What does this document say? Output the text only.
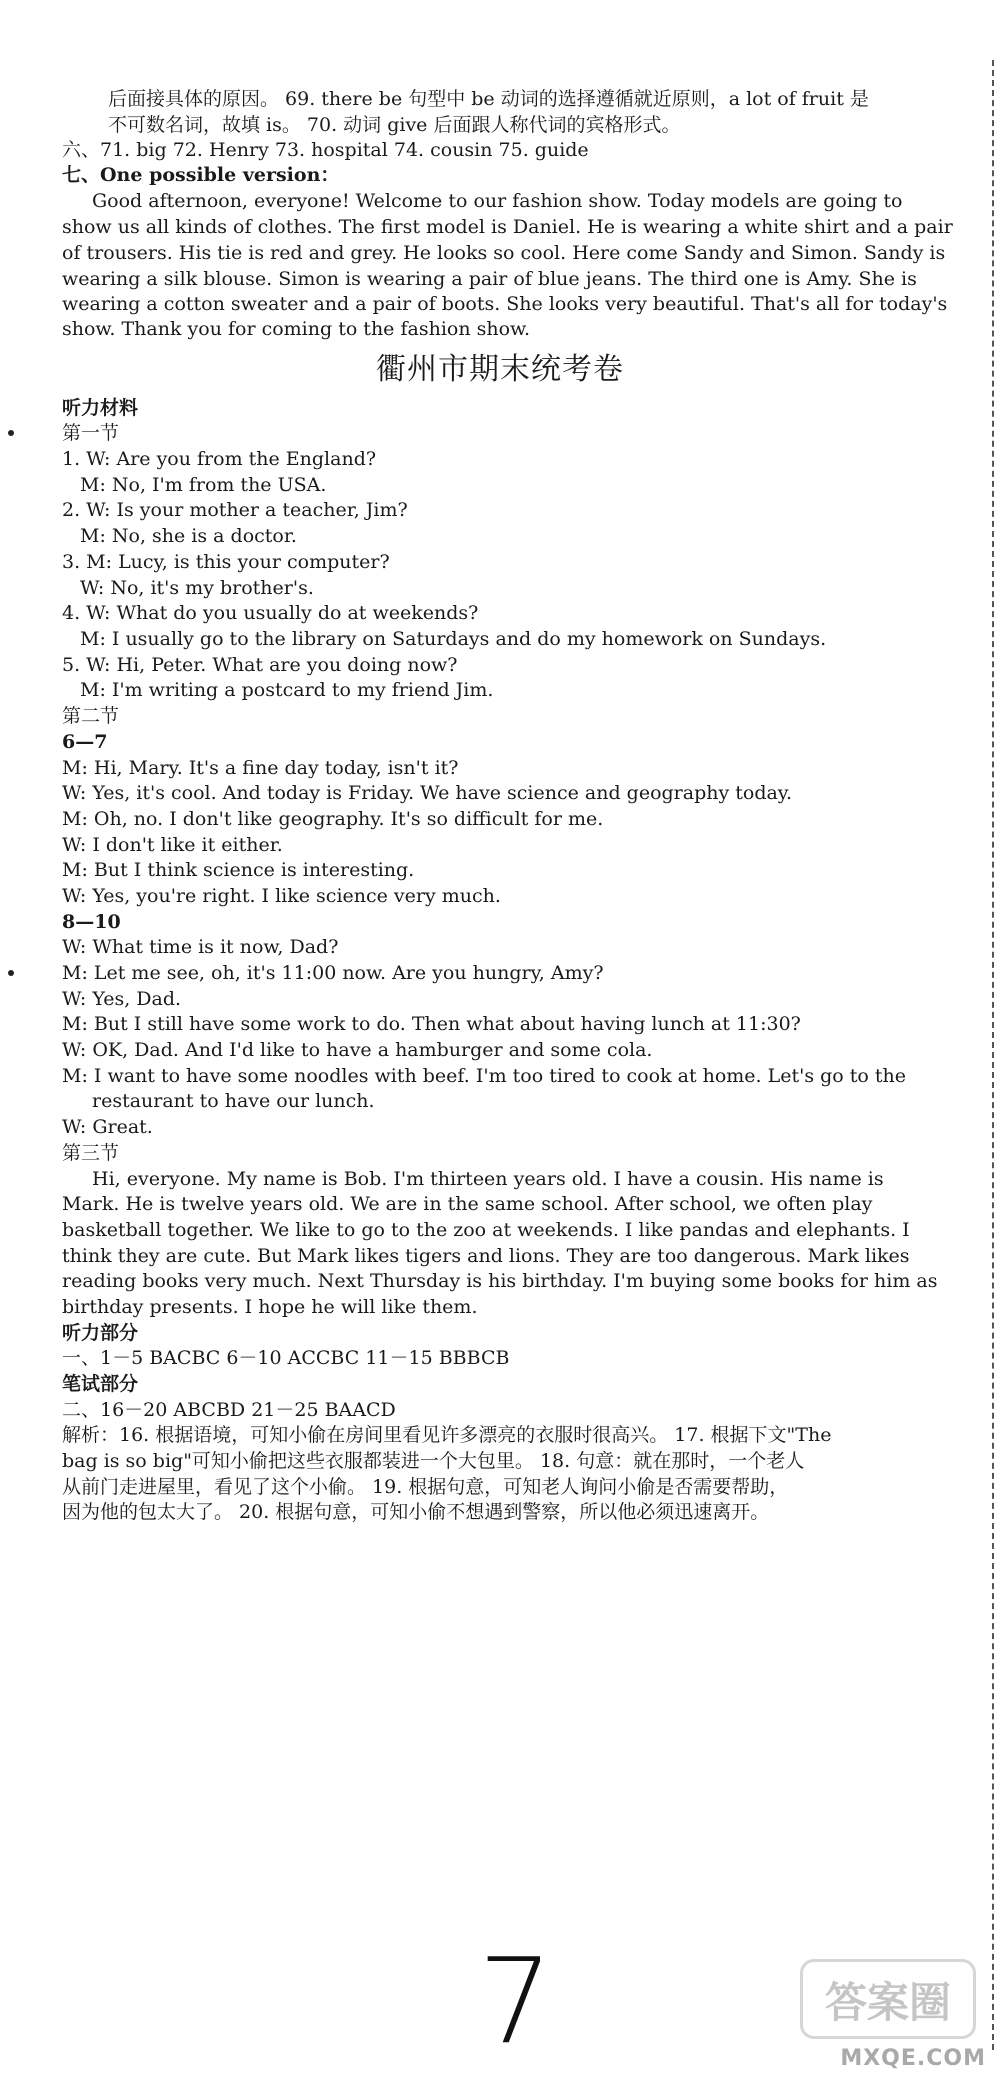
后面接具体的原因。 69. there be 句型中 be 动词的选择遵循就近原则，a lot of fruit 是
不可数名词，故填 is。 70. 动词 give 后面跟人称代词的宾格形式。
六、71. big 72. Henry 73. hospital 74. cousin 75. guide
七、One possible version：
Good afternoon, everyone! Welcome to our fashion show. Today models are going to
show us all kinds of clothes. The first model is Daniel. He is wearing a white shirt and a pair
of trousers. His tie is red and grey. He looks so cool. Here come Sandy and Simon. Sandy is
wearing a silk blouse. Simon is wearing a pair of blue jeans. The third one is Amy. She is
wearing a cotton sweater and a pair of boots. She looks very beautiful. That's all for today's
show. Thank you for coming to the fashion show.
衢州市期末统考卷
听力材料
第一节
1. W: Are you from the England?
M: No, I'm from the USA.
2. W: Is your mother a teacher, Jim?
M: No, she is a doctor.
3. M: Lucy, is this your computer?
W: No, it's my brother's.
4. W: What do you usually do at weekends?
M: I usually go to the library on Saturdays and do my homework on Sundays.
5. W: Hi, Peter. What are you doing now?
M: I'm writing a postcard to my friend Jim.
第二节
6—7
M: Hi, Mary. It's a fine day today, isn't it?
W: Yes, it's cool. And today is Friday. We have science and geography today.
M: Oh, no. I don't like geography. It's so difficult for me.
W: I don't like it either.
M: But I think science is interesting.
W: Yes, you're right. I like science very much.
8—10
W: What time is it now, Dad?
M: Let me see, oh, it's 11:00 now. Are you hungry, Amy?
W: Yes, Dad.
M: But I still have some work to do. Then what about having lunch at 11:30?
W: OK, Dad. And I'd like to have a hamburger and some cola.
M: I want to have some noodles with beef. I'm too tired to cook at home. Let's go to the
restaurant to have our lunch.
W: Great.
第三节
Hi, everyone. My name is Bob. I'm thirteen years old. I have a cousin. His name is
Mark. He is twelve years old. We are in the same school. After school, we often play
basketball together. We like to go to the zoo at weekends. I like pandas and elephants. I
think they are cute. But Mark likes tigers and lions. They are too dangerous. Mark likes
reading books very much. Next Thursday is his birthday. I'm buying some books for him as
birthday presents. I hope he will like them.
听力部分
一、1－5 BACBC 6－10 ACCBC 11－15 BBBCB
笔试部分
二、16－20 ABCBD 21－25 BAACD
解析：16. 根据语境，可知小偷在房间里看见许多漂亮的衣服时很高兴。 17. 根据下文"The
bag is so big"可知小偷把这些衣服都装进一个大包里。 18. 句意：就在那时，一个老人
从前门走进屋里，看见了这个小偷。 19. 根据句意，可知老人询问小偷是否需要帮助，
因为他的包太大了。 20. 根据句意，可知小偷不想遇到警察，所以他必须迅速离开。
7	答案圈
MXQE.COM
